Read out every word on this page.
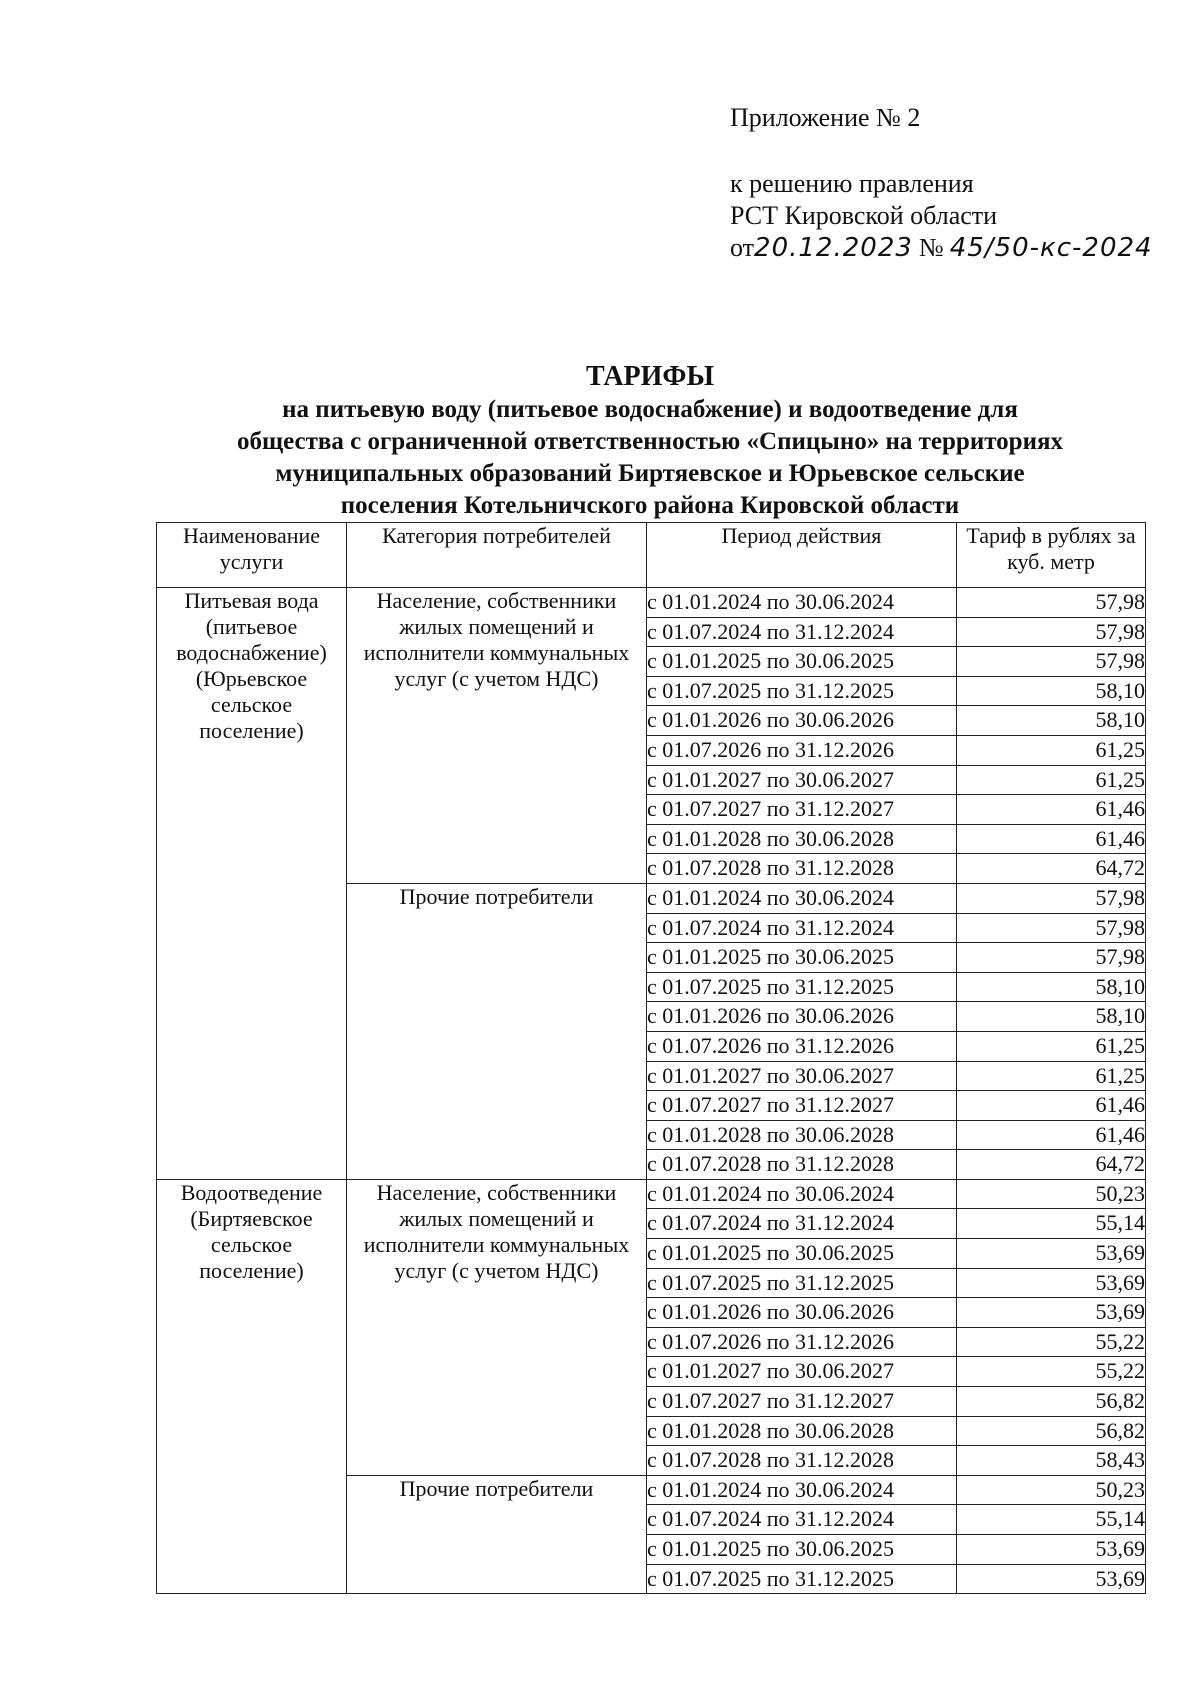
Приложение № 2
к решению правления
РСТ Кировской области
от 20.12.2023 № 45/50-кс-2024
ТАРИФЫ
на питьевую воду (питьевое водоснабжение) и водоотведение для
общества с ограниченной ответственностью «Спицыно» на территориях
муниципальных образований Биртяевское и Юрьевское сельские
поселения Котельничского района Кировской области
Наименование услуги	Категория потребителей	Период действия	Тариф в рублях за куб. метр
Питьевая вода (питьевое водоснабжение) (Юрьевское сельское поселение)	Население, собственники жилых помещений и исполнители коммунальных услуг (с учетом НДС)	с 01.01.2024 по 30.06.2024	57,98
		с 01.07.2024 по 31.12.2024	57,98
		с 01.01.2025 по 30.06.2025	57,98
		с 01.07.2025 по 31.12.2025	58,10
		с 01.01.2026 по 30.06.2026	58,10
		с 01.07.2026 по 31.12.2026	61,25
		с 01.01.2027 по 30.06.2027	61,25
		с 01.07.2027 по 31.12.2027	61,46
		с 01.01.2028 по 30.06.2028	61,46
		с 01.07.2028 по 31.12.2028	64,72
	Прочие потребители	с 01.01.2024 по 30.06.2024	57,98
		с 01.07.2024 по 31.12.2024	57,98
		с 01.01.2025 по 30.06.2025	57,98
		с 01.07.2025 по 31.12.2025	58,10
		с 01.01.2026 по 30.06.2026	58,10
		с 01.07.2026 по 31.12.2026	61,25
		с 01.01.2027 по 30.06.2027	61,25
		с 01.07.2027 по 31.12.2027	61,46
		с 01.01.2028 по 30.06.2028	61,46
		с 01.07.2028 по 31.12.2028	64,72
Водоотведение (Биртяевское сельское поселение)	Население, собственники жилых помещений и исполнители коммунальных услуг (с учетом НДС)	с 01.01.2024 по 30.06.2024	50,23
		с 01.07.2024 по 31.12.2024	55,14
		с 01.01.2025 по 30.06.2025	53,69
		с 01.07.2025 по 31.12.2025	53,69
		с 01.01.2026 по 30.06.2026	53,69
		с 01.07.2026 по 31.12.2026	55,22
		с 01.01.2027 по 30.06.2027	55,22
		с 01.07.2027 по 31.12.2027	56,82
		с 01.01.2028 по 30.06.2028	56,82
		с 01.07.2028 по 31.12.2028	58,43
	Прочие потребители	с 01.01.2024 по 30.06.2024	50,23
		с 01.07.2024 по 31.12.2024	55,14
		с 01.01.2025 по 30.06.2025	53,69
		с 01.07.2025 по 31.12.2025	53,69
